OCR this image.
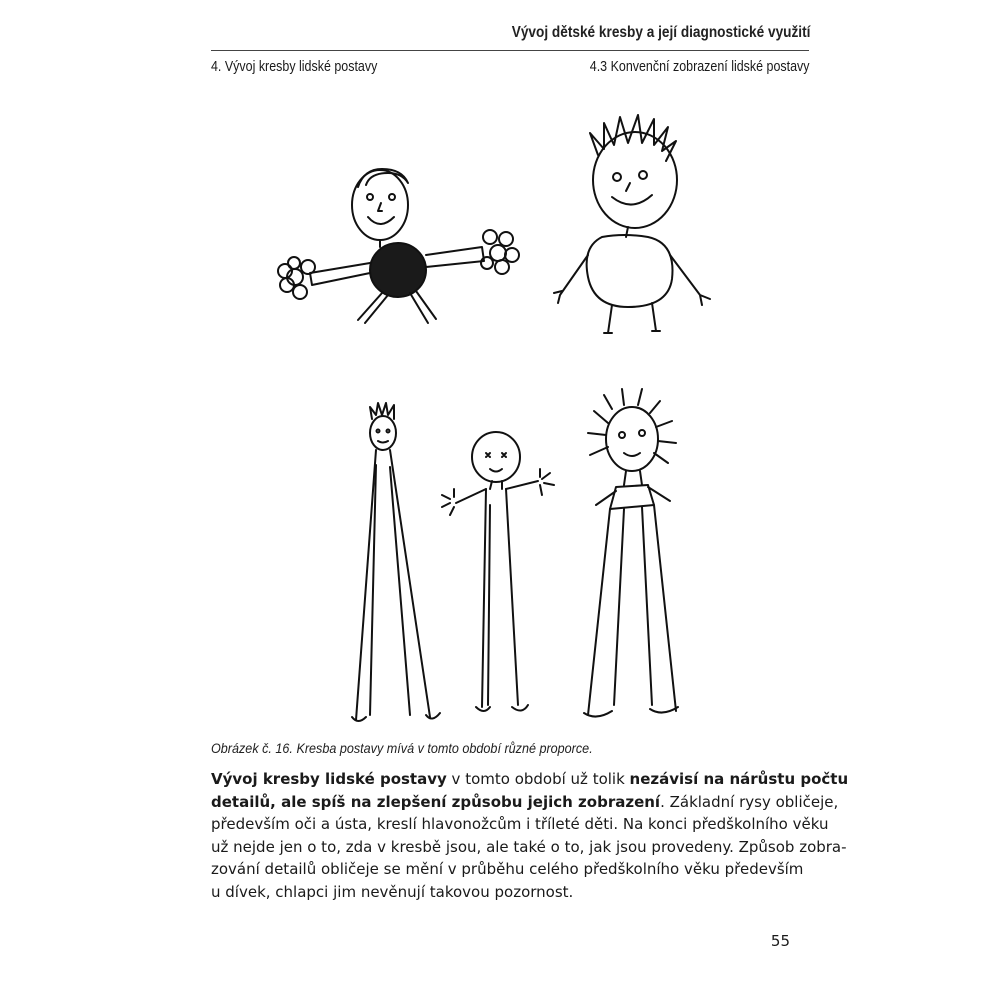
Vývoj dětské kresby a její diagnostické využití
4. Vývoj kresby lidské postavy	4.3 Konvenční zobrazení lidské postavy
Obrázek č. 16. Kresba postavy mívá v tomto období různé proporce.
Vývoj kresby lidské postavy v tomto období už tolik nezávisí na nárůstu počtu
detailů, ale spíš na zlepšení způsobu jejich zobrazení. Základní rysy obličeje,
především oči a ústa, kreslí hlavonožcům i tříleté děti. Na konci předškolního věku
už nejde jen o to, zda v kresbě jsou, ale také o to, jak jsou provedeny. Způsob zobra-
zování detailů obličeje se mění v průběhu celého předškolního věku především
u dívek, chlapci jim nevěnují takovou pozornost.
55
